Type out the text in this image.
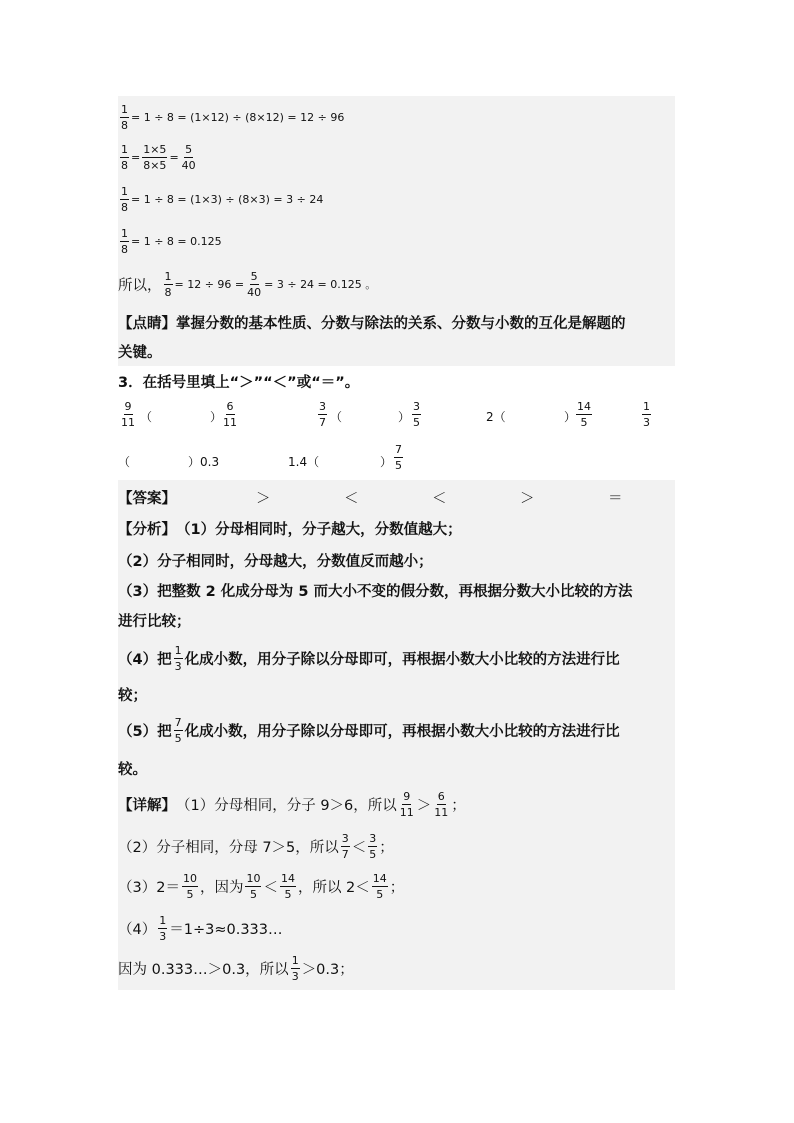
$\frac{1}{8} = 1 \div 8 = (1\times 12) \div (8\times 12) = 12 \div 96$
$\frac{1}{8} = \frac{1\times 5}{8\times 5} = \frac{5}{40}$
$\frac{1}{8} = 1 \div 8 = (1\times 3) \div (8\times 3) = 3 \div 24$
$\frac{1}{8} = 1 \div 8 = 0.125$
所以， $\frac{1}{8} = 12 \div 96 = \frac{5}{40} = 3 \div 24 = 0.125$ 。
【点睛】 掌握分数的基本性质、分数与除法的关系、分数与小数的互化是解题的
关键。
3．在括号里填上“＞”“＜”或“＝”。
$\frac{9}{11}$ （	） $\frac{6}{11}$	$\frac{3}{7}$ （	） $\frac{3}{5}$	2（	） $\frac{14}{5}$	$\frac{1}{3}$
（	）0.3	1.4（	） $\frac{7}{5}$
【答案】	＞	＜	＜	＞	＝
【分析】 （1）分母相同时，分子越大，分数值越大；
（2）分子相同时，分母越大，分数值反而越小；
（3）把整数 2 化成分母为 5 而大小不变的假分数，再根据分数大小比较的方法
进行比较；
（4）把 $\frac{1}{3}$ 化成小数，用分子除以分母即可，再根据小数大小比较的方法进行比
较；
（5）把 $\frac{7}{5}$ 化成小数，用分子除以分母即可，再根据小数大小比较的方法进行比
较。
【详解】 （1）分母相同，分子 9＞6，所以 $\frac{9}{11} > \frac{6}{11}$ ；
（2）分子相同，分母 7＞5，所以 $\frac{3}{7} < \frac{3}{5}$ ；
$(3)2= \frac{10}{5}$ ，因为 $\frac{10}{5} < \frac{14}{5}$ ，所以 $2< \frac{14}{5}$ ；
$(4) \frac{1}{3}$ ＝1÷3≈0.333…
因为 0.333…＞0.3，所以 $\frac{1}{3} >0.3$；
